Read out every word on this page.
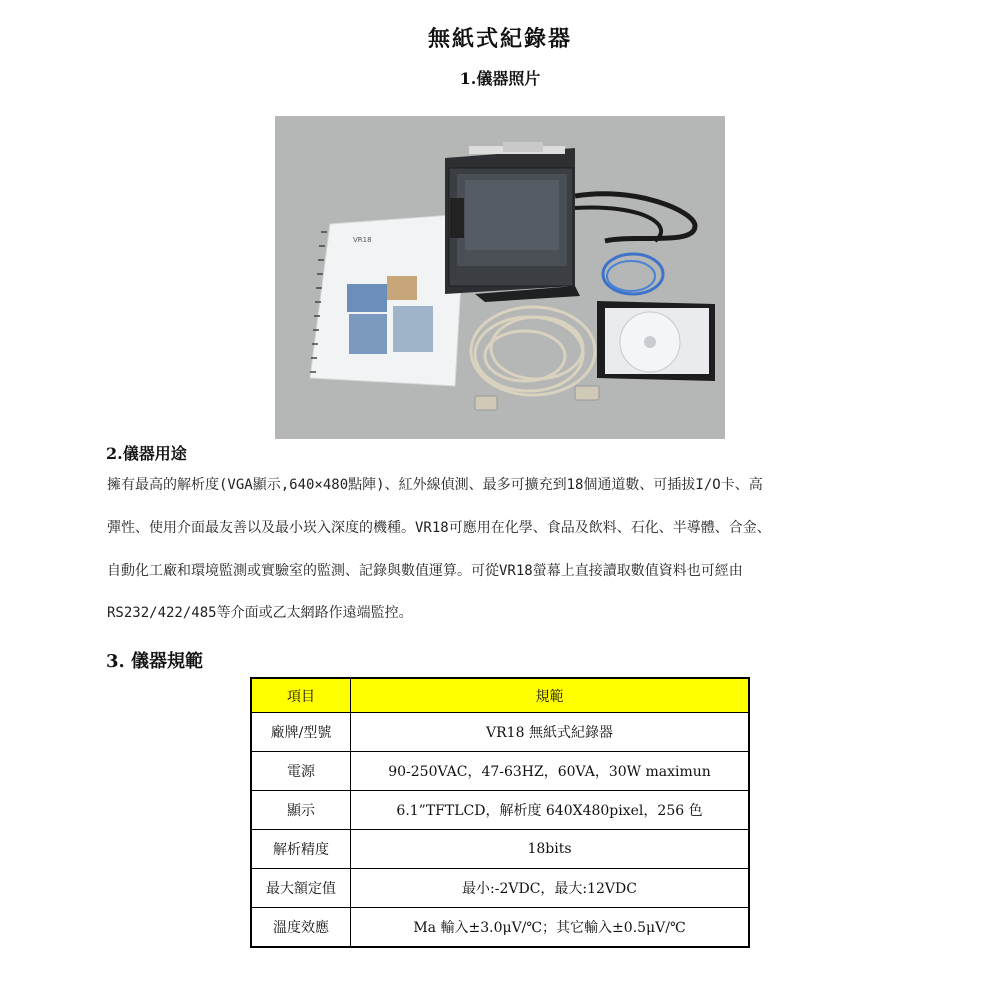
無紙式紀錄器
1.儀器照片
VR18
2.儀器用途
擁有最高的解析度(VGA顯示,640×480點陣)、紅外線偵測、最多可擴充到18個通道數、可插拔I/O卡、高
彈性、使用介面最友善以及最小崁入深度的機種。VR18可應用在化學、食品及飲料、石化、半導體、合金、
自動化工廠和環境監測或實驗室的監測、記錄與數值運算。可從VR18螢幕上直接讀取數值資料也可經由
RS232/422/485等介面或乙太網路作遠端監控。
3. 儀器規範
項目	規範
廠牌/型號	VR18 無紙式紀錄器
電源	90-250VAC，47-63HZ，60VA，30W maximun
顯示	6.1”TFTLCD，解析度 640X480pixel，256 色
解析精度	18bits
最大額定值	最小:-2VDC，最大:12VDC
溫度效應	Ma 輸入±3.0μV/℃；其它輸入±0.5μV/℃
